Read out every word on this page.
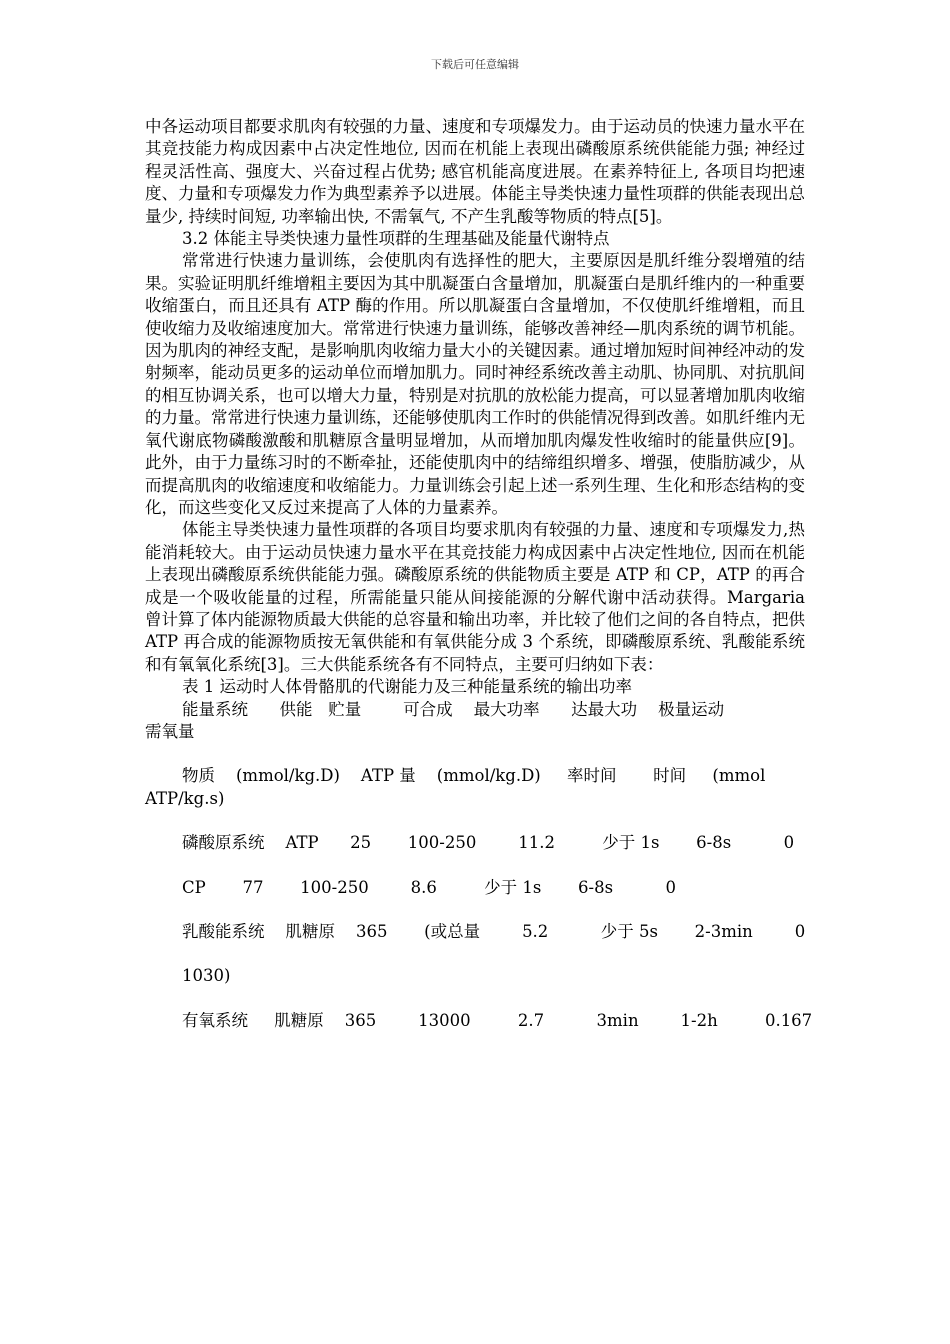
下载后可任意编辑

中各运动项目都要求肌肉有较强的力量、速度和专项爆发力。由于运动员的快速力量水平在其竞技能力构成因素中占决定性地位, 因而在机能上表现出磷酸原系统供能能力强; 神经过程灵活性高、强度大、兴奋过程占优势; 感官机能高度进展。在素养特征上, 各项目均把速度、力量和专项爆发力作为典型素养予以进展。体能主导类快速力量性项群的供能表现出总量少, 持续时间短, 功率输出快, 不需氧气, 不产生乳酸等物质的特点[5]。

3.2 体能主导类快速力量性项群的生理基础及能量代谢特点

常常进行快速力量训练，会使肌肉有选择性的肥大，主要原因是肌纤维分裂增殖的结果。实验证明肌纤维增粗主要因为其中肌凝蛋白含量增加，肌凝蛋白是肌纤维内的一种重要收缩蛋白，而且还具有 ATP 酶的作用。所以肌凝蛋白含量增加，不仅使肌纤维增粗，而且使收缩力及收缩速度加大。常常进行快速力量训练，能够改善神经—肌肉系统的调节机能。因为肌肉的神经支配，是影响肌肉收缩力量大小的关键因素。通过增加短时间神经冲动的发射频率，能动员更多的运动单位而增加肌力。同时神经系统改善主动肌、协同肌、对抗肌间的相互协调关系，也可以增大力量，特别是对抗肌的放松能力提高，可以显著增加肌肉收缩的力量。常常进行快速力量训练，还能够使肌肉工作时的供能情况得到改善。如肌纤维内无氧代谢底物磷酸激酸和肌糖原含量明显增加，从而增加肌肉爆发性收缩时的能量供应[9]。此外，由于力量练习时的不断牵扯，还能使肌肉中的结缔组织增多、增强，使脂肪减少，从而提高肌肉的收缩速度和收缩能力。力量训练会引起上述一系列生理、生化和形态结构的变化，而这些变化又反过来提高了人体的力量素养。

体能主导类快速力量性项群的各项目均要求肌肉有较强的力量、速度和专项爆发力,热能消耗较大。由于运动员快速力量水平在其竞技能力构成因素中占决定性地位, 因而在机能上表现出磷酸原系统供能能力强。磷酸原系统的供能物质主要是 ATP 和 CP，ATP 的再合成是一个吸收能量的过程，所需能量只能从间接能源的分解代谢中活动获得。Margaria 曾计算了体内能源物质最大供能的总容量和输出功率，并比较了他们之间的各自特点，把供 ATP 再合成的能源物质按无氧供能和有氧供能分成 3 个系统，即磷酸原系统、乳酸能系统和有氧氧化系统[3]。三大供能系统各有不同特点，主要可归纳如下表：

表 1 运动时人体骨骼肌的代谢能力及三种能量系统的输出功率

能量系统      供能   贮量        可合成    最大功率      达最大功    极量运动

需氧量

物质    (mmol/kg.D)    ATP 量    (mmol/kg.D)     率时间       时间     (mmol

ATP/kg.s)

磷酸原系统    ATP      25       100-250        11.2         少于 1s       6-8s          0

CP       77       100-250        8.6         少于 1s       6-8s          0

乳酸能系统    肌糖原    365       (或总量        5.2          少于 5s       2-3min        0

1030)

有氧系统     肌糖原    365        13000         2.7          3min        1-2h         0.167
